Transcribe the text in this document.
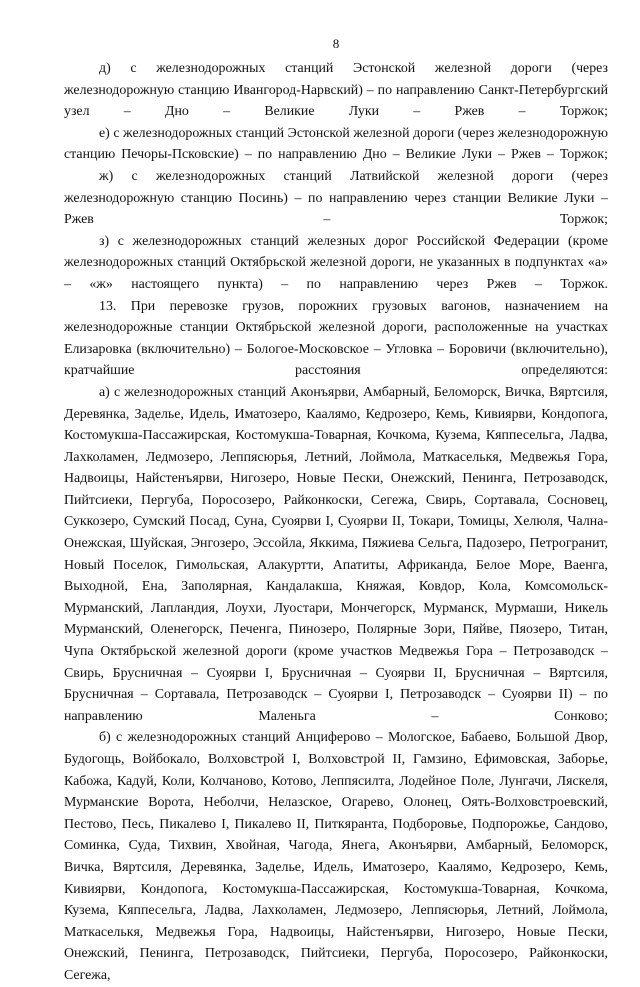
8

д) с железнодорожных станций Эстонской железной дороги (через железнодорожную станцию Ивангород-Нарвский) – по направлению Санкт-Петербургский узел – Дно – Великие Луки – Ржев – Торжок;

е) с железнодорожных станций Эстонской железной дороги (через железнодорожную станцию Печоры-Псковские) – по направлению Дно – Великие Луки – Ржев – Торжок;

ж) с железнодорожных станций Латвийской железной дороги (через железнодорожную станцию Посинь) – по направлению через станции Великие Луки – Ржев – Торжок;

з) с железнодорожных станций железных дорог Российской Федерации (кроме железнодорожных станций Октябрьской железной дороги, не указанных в подпунктах «а» – «ж» настоящего пункта) – по направлению через Ржев – Торжок.

13. При перевозке грузов, порожних грузовых вагонов, назначением на железнодорожные станции Октябрьской железной дороги, расположенные на участках Елизаровка (включительно) – Бологое-Московское – Угловка – Боровичи (включительно), кратчайшие расстояния определяются:

а) с железнодорожных станций Аконъярви, Амбарный, Беломорск, Вичка, Вяртсиля, Деревянка, Заделье, Идель, Иматозеро, Каалямо, Кедрозеро, Кемь, Кивиярви, Кондопога, Костомукша-Пассажирская, Костомукша-Товарная, Кочкома, Кузема, Кяппесельга, Ладва, Лахколамен, Ледмозеро, Леппясюрья, Летний, Лоймола, Маткаселькя, Медвежья Гора, Надвоицы, Найстенъярви, Нигозеро, Новые Пески, Онежский, Пенинга, Петрозаводск, Пийтсиеки, Пергуба, Поросозеро, Райконкоски, Сегежа, Свирь, Сортавала, Сосновец, Суккозеро, Сумский Посад, Суна, Суоярви I, Суоярви II, Токари, Томицы, Хелюля, Чална-Онежская, Шуйская, Энгозеро, Эссойла, Яккима, Пяжиева Сельга, Падозеро, Петрогранит, Новый Поселок, Гимольская, Алакуртти, Апатиты, Африканда, Белое Море, Ваенга, Выходной, Ена, Заполярная, Кандалакша, Княжая, Ковдор, Кола, Комсомольск-Мурманский, Лапландия, Лоухи, Луостари, Мончегорск, Мурманск, Мурмаши, Никель Мурманский, Оленегорск, Печенга, Пинозеро, Полярные Зори, Пяйве, Пяозеро, Титан, Чупа Октябрьской железной дороги (кроме участков Медвежья Гора – Петрозаводск – Свирь, Брусничная – Суоярви I, Брусничная – Суоярви II, Брусничная – Вяртсиля, Брусничная – Сортавала, Петрозаводск – Суоярви I, Петрозаводск – Суоярви II) – по направлению Маленьга – Сонково;

б) с железнодорожных станций Анциферово – Мологское, Бабаево, Большой Двор, Будогощь, Войбокало, Волховстрой I, Волховстрой II, Гамзино, Ефимовская, Заборье, Кабожа, Кадуй, Коли, Колчаново, Котово, Леппясилта, Лодейное Поле, Лунгачи, Ляскеля, Мурманские Ворота, Неболчи, Нелазское, Огарево, Олонец, Оять-Волховстроевский, Пестово, Песь, Пикалево I, Пикалево II, Питкяранта, Подборовье, Подпорожье, Сандово, Соминка, Суда, Тихвин, Хвойная, Чагода, Янега, Аконъярви, Амбарный, Беломорск, Вичка, Вяртсиля, Деревянка, Заделье, Идель, Иматозеро, Каалямо, Кедрозеро, Кемь, Кивиярви, Кондопога, Костомукша-Пассажирская, Костомукша-Товарная, Кочкома, Кузема, Кяппесельга, Ладва, Лахколамен, Ледмозеро, Леппясюрья, Летний, Лоймола, Маткаселькя, Медвежья Гора, Надвоицы, Найстенъярви, Нигозеро, Новые Пески, Онежский, Пенинга, Петрозаводск, Пийтсиеки, Пергуба, Поросозеро, Райконкоски, Сегежа,
